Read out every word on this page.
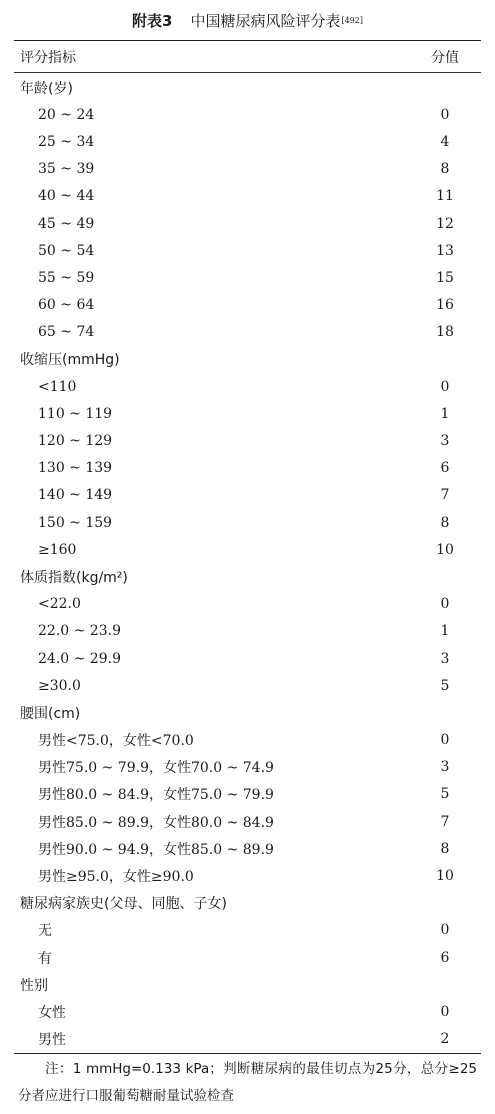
附表3 中国糖尿病风险评分表 [492]
评分指标	分值
年龄(岁)
20 ~ 24	0
25 ~ 34	4
35 ~ 39	8
40 ~ 44	11
45 ~ 49	12
50 ~ 54	13
55 ~ 59	15
60 ~ 64	16
65 ~ 74	18
收缩压(mmHg)
<110	0
110 ~ 119	1
120 ~ 129	3
130 ~ 139	6
140 ~ 149	7
150 ~ 159	8
≥160	10
体质指数(kg/m²)
<22.0	0
22.0 ~ 23.9	1
24.0 ~ 29.9	3
≥30.0	5
腰围(cm)
男性<75.0，女性<70.0	0
男性75.0 ~ 79.9，女性70.0 ~ 74.9	3
男性80.0 ~ 84.9，女性75.0 ~ 79.9	5
男性85.0 ~ 89.9，女性80.0 ~ 84.9	7
男性90.0 ~ 94.9，女性85.0 ~ 89.9	8
男性≥95.0，女性≥90.0	10
糖尿病家族史(父母、同胞、子女)
无	0
有	6
性别
女性	0
男性	2
注：1 mmHg=0.133 kPa；判断糖尿病的最佳切点为25分，总分≥25分者应进行口服葡萄糖耐量试验检查
